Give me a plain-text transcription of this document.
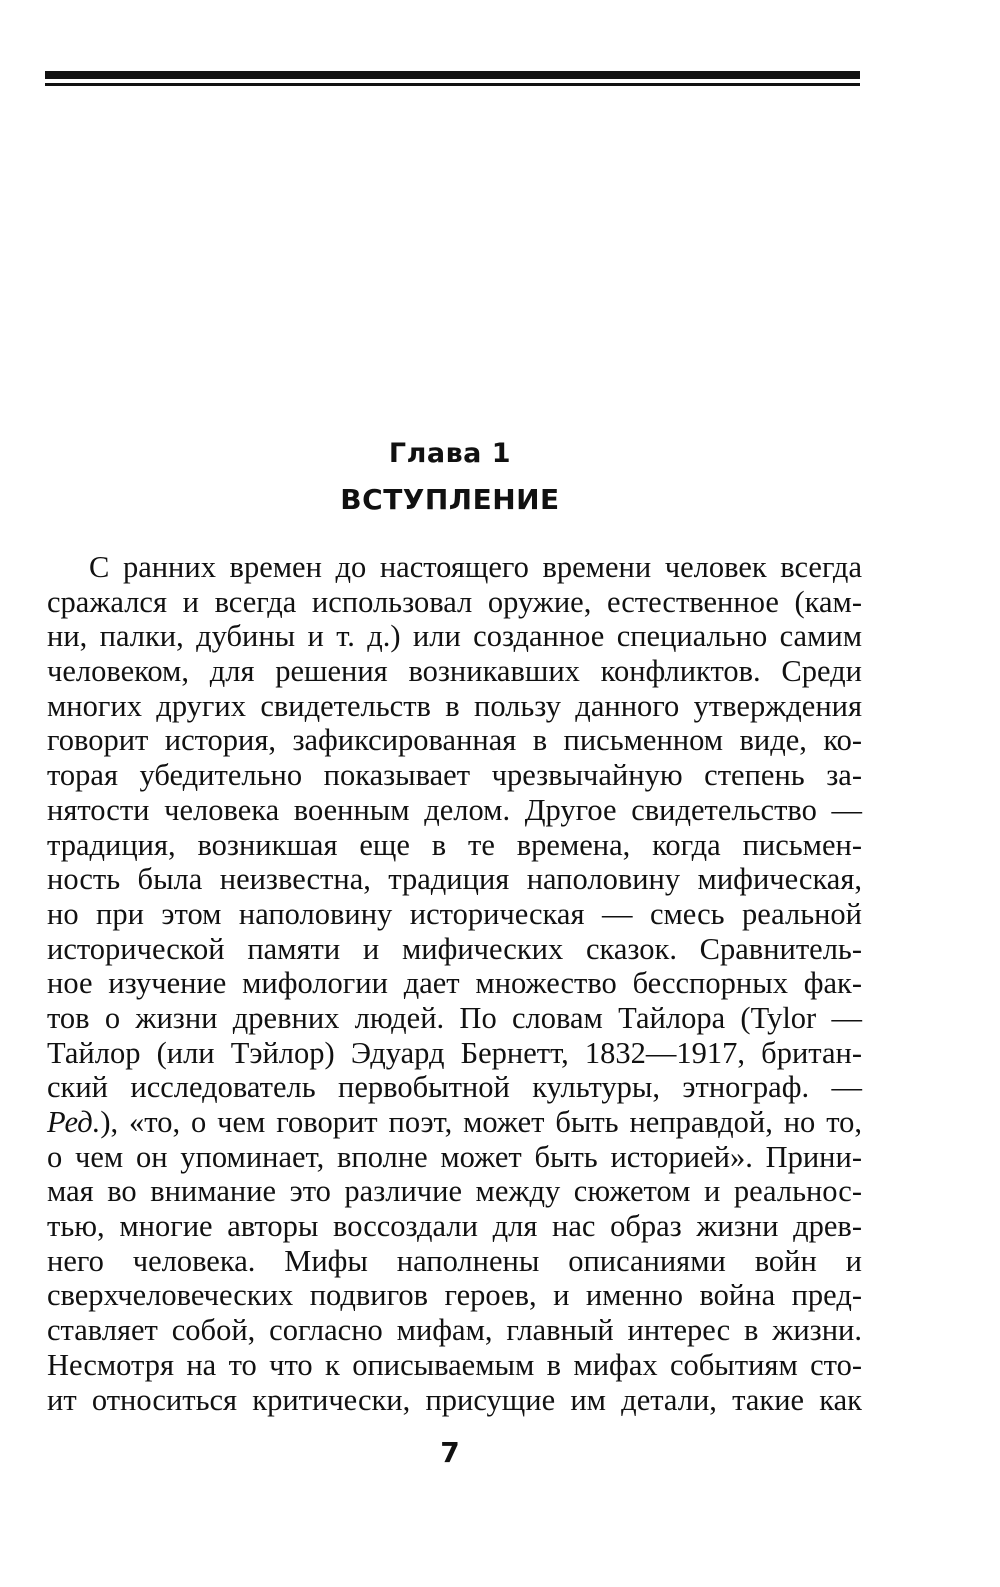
Глава 1
ВСТУПЛЕНИЕ
С ранних времен до настоящего времени человек всегда
сражался и всегда использовал оружие, естественное (кам-
ни, палки, дубины и т. д.) или созданное специально самим
человеком, для решения возникавших конфликтов. Среди
многих других свидетельств в пользу данного утверждения
говорит история, зафиксированная в письменном виде, ко-
торая убедительно показывает чрезвычайную степень за-
нятости человека военным делом. Другое свидетельство —
традиция, возникшая еще в те времена, когда письмен-
ность была неизвестна, традиция наполовину мифическая,
но при этом наполовину историческая — смесь реальной
исторической памяти и мифических сказок. Сравнитель-
ное изучение мифологии дает множество бесспорных фак-
тов о жизни древних людей. По словам Тайлора (Tylor —
Тайлор (или Тэйлор) Эдуард Бернетт, 1832—1917, британ-
ский исследователь первобытной культуры, этнограф. —
Ред.), «то, о чем говорит поэт, может быть неправдой, но то,
о чем он упоминает, вполне может быть историей». Прини-
мая во внимание это различие между сюжетом и реальнос-
тью, многие авторы воссоздали для нас образ жизни древ-
него человека. Мифы наполнены описаниями войн и
сверхчеловеческих подвигов героев, и именно война пред-
ставляет собой, согласно мифам, главный интерес в жизни.
Несмотря на то что к описываемым в мифах событиям сто-
ит относиться критически, присущие им детали, такие как
7
